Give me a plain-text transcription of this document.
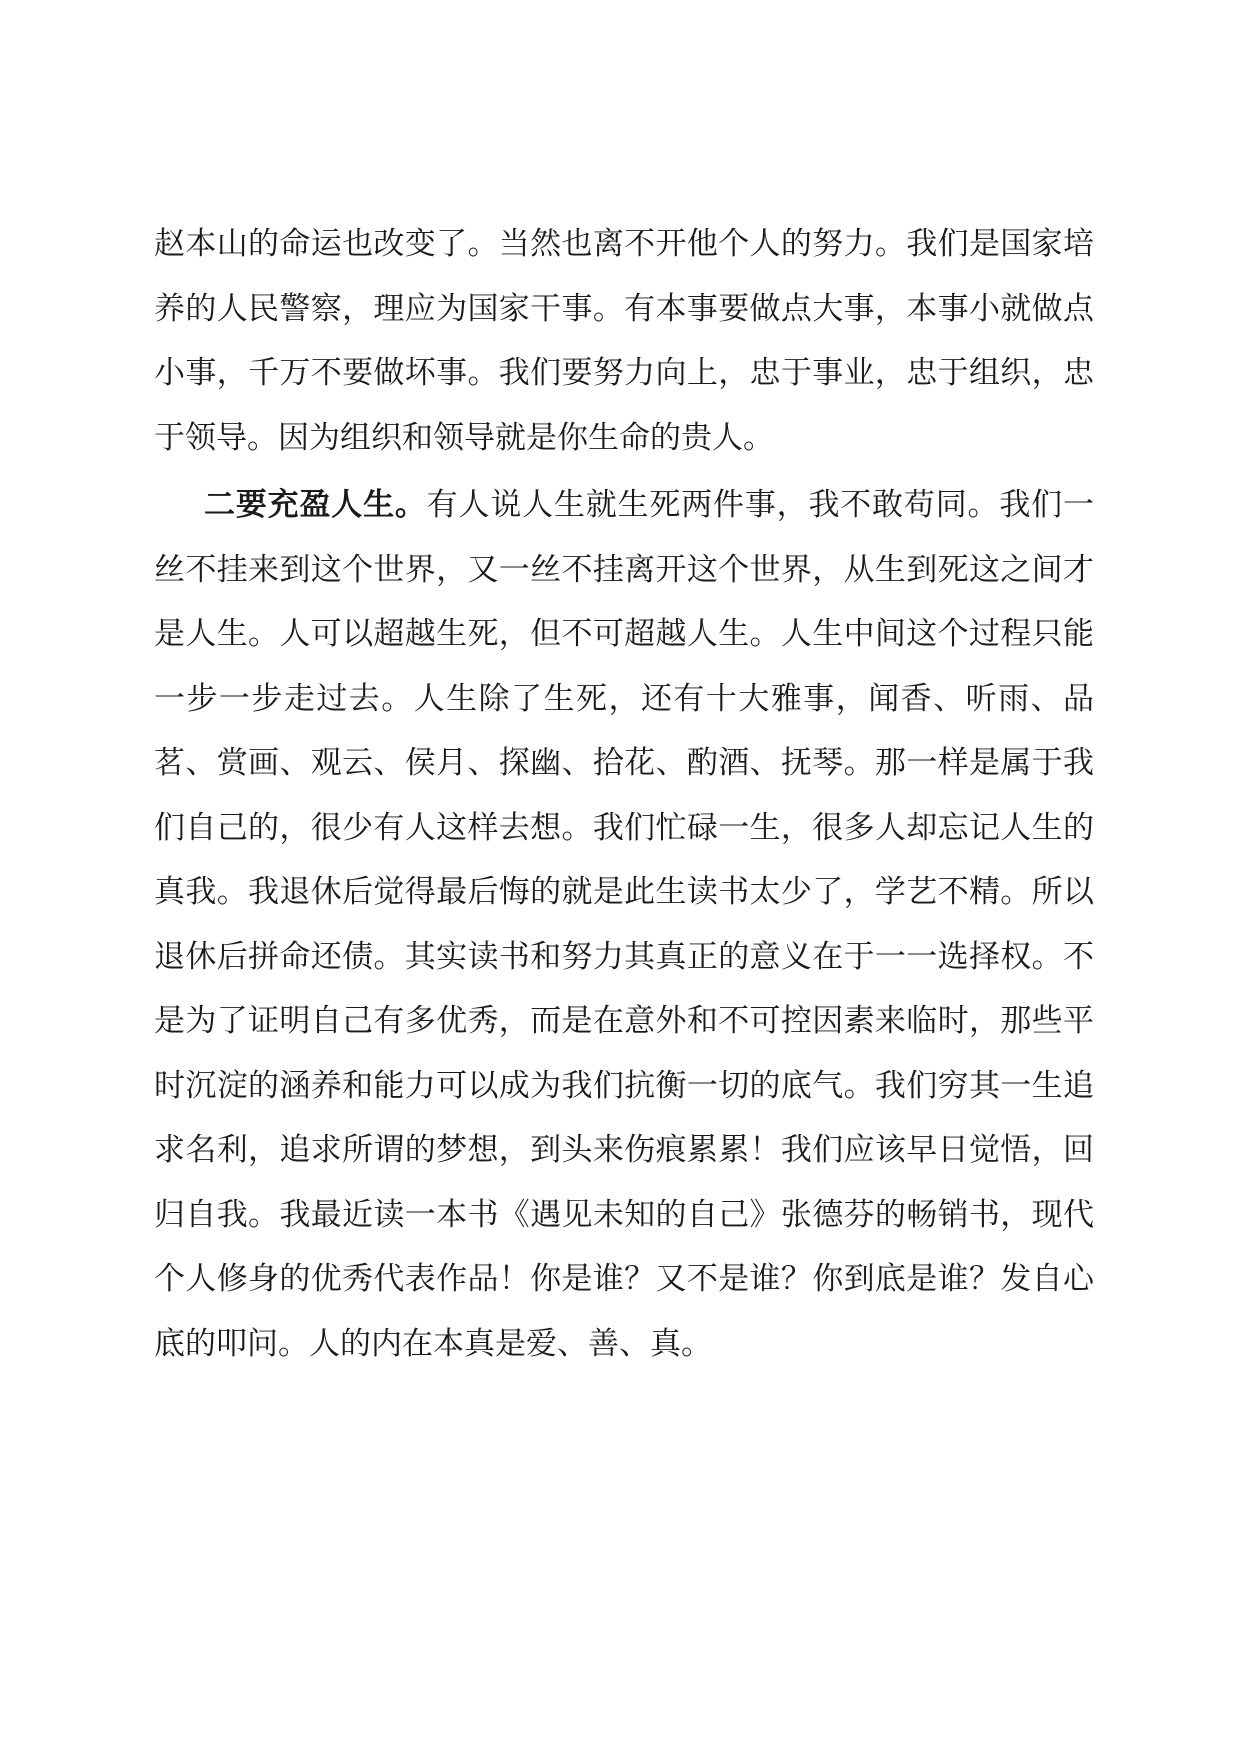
赵本山的命运也改变了。当然也离不开他个人的努力。我们是国家培养的人民警察，理应为国家干事。有本事要做点大事，本事小就做点小事，千万不要做坏事。我们要努力向上，忠于事业，忠于组织，忠于领导。因为组织和领导就是你生命的贵人。

二要充盈人生。有人说人生就生死两件事，我不敢苟同。我们一丝不挂来到这个世界，又一丝不挂离开这个世界，从生到死这之间才是人生。人可以超越生死，但不可超越人生。人生中间这个过程只能一步一步走过去。人生除了生死，还有十大雅事，闻香、听雨、品茗、赏画、观云、侯月、探幽、拾花、酌酒、抚琴。那一样是属于我们自己的，很少有人这样去想。我们忙碌一生，很多人却忘记人生的真我。我退休后觉得最后悔的就是此生读书太少了，学艺不精。所以退休后拼命还债。其实读书和努力其真正的意义在于一一选择权。不是为了证明自己有多优秀，而是在意外和不可控因素来临时，那些平时沉淀的涵养和能力可以成为我们抗衡一切的底气。我们穷其一生追求名利，追求所谓的梦想，到头来伤痕累累！我们应该早日觉悟，回归自我。我最近读一本书《遇见未知的自己》张德芬的畅销书，现代个人修身的优秀代表作品！你是谁？又不是谁？你到底是谁？发自心底的叩问。人的内在本真是爱、善、真。
